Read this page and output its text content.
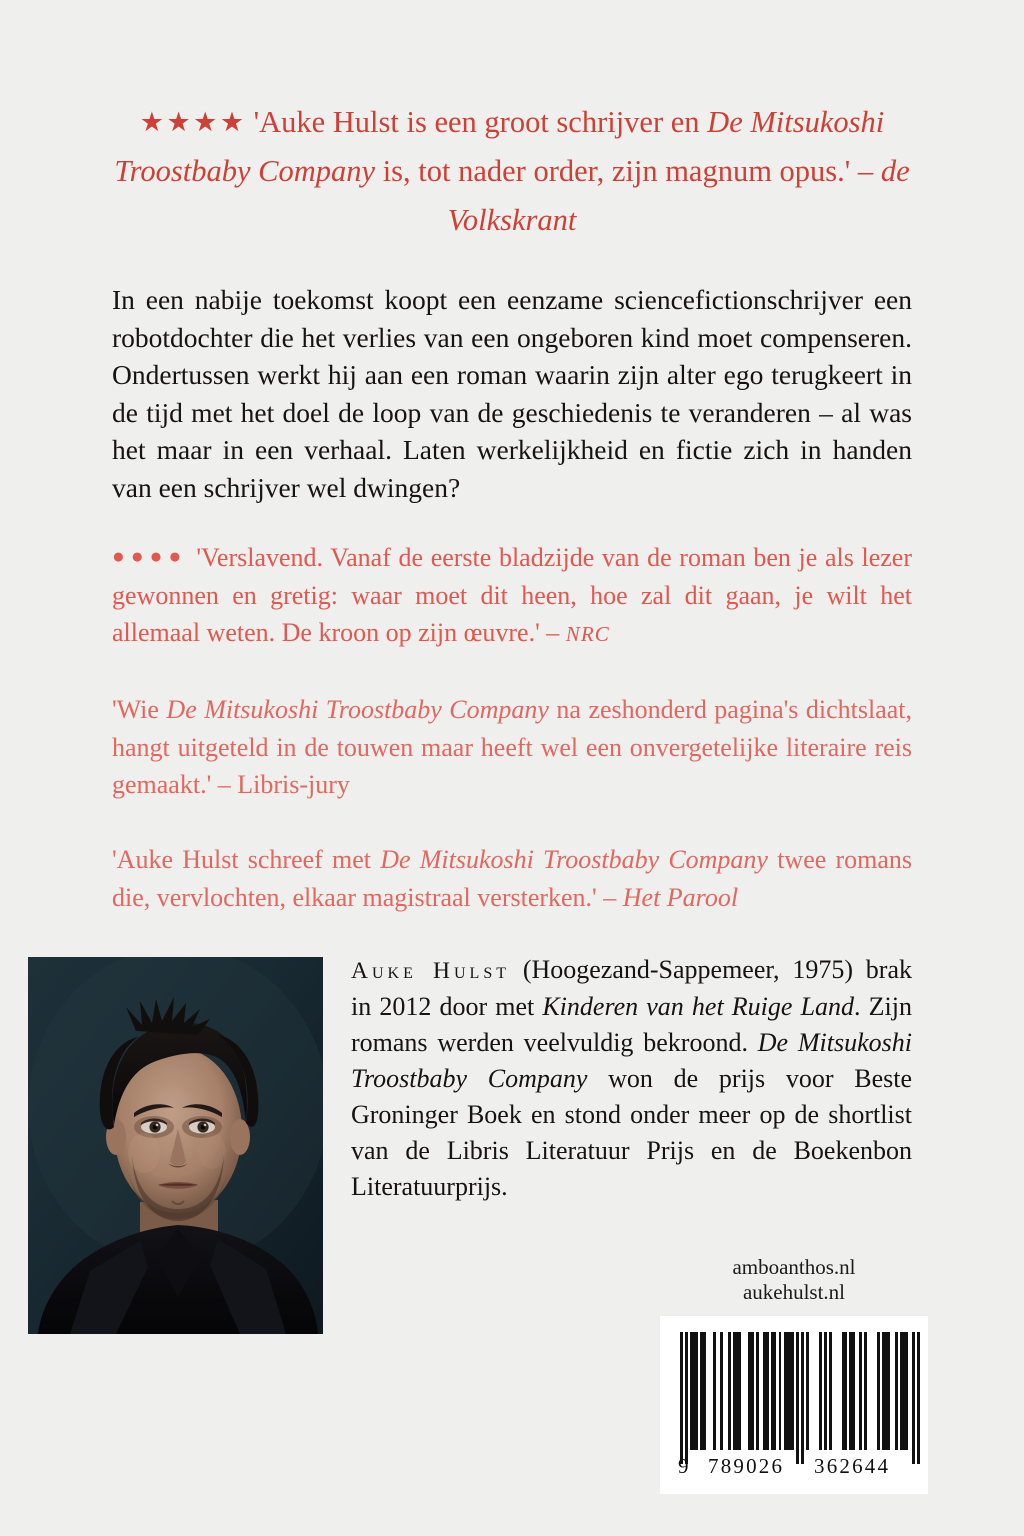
★★★★ 'Auke Hulst is een groot schrijver en De Mitsukoshi Troostbaby Company is, tot nader order, zijn magnum opus.' – de Volkskrant
In een nabije toekomst koopt een eenzame sciencefictionschrijver een robotdochter die het verlies van een ongeboren kind moet compenseren. Ondertussen werkt hij aan een roman waarin zijn alter ego terugkeert in de tijd met het doel de loop van de geschiedenis te veranderen – al was het maar in een verhaal. Laten werkelijkheid en fictie zich in handen van een schrijver wel dwingen?
●●●● 'Verslavend. Vanaf de eerste bladzijde van de roman ben je als lezer gewonnen en gretig: waar moet dit heen, hoe zal dit gaan, je wilt het allemaal weten. De kroon op zijn œuvre.' – NRC
'Wie De Mitsukoshi Troostbaby Company na zeshonderd pagina's dichtslaat, hangt uitgeteld in de touwen maar heeft wel een onvergetelijke literaire reis gemaakt.' – Libris-jury
'Auke Hulst schreef met De Mitsukoshi Troostbaby Company twee romans die, vervlochten, elkaar magistraal versterken.' – Het Parool
Auke Hulst (Hoogezand-Sappemeer, 1975) brak in 2012 door met Kinderen van het Ruige Land. Zijn romans werden veelvuldig bekroond. De Mitsukoshi Troostbaby Company won de prijs voor Beste Groninger Boek en stond onder meer op de shortlist van de Libris Literatuur Prijs en de Boekenbon Literatuurprijs.
amboanthos.nl
aukehulst.nl
9 789026 362644
